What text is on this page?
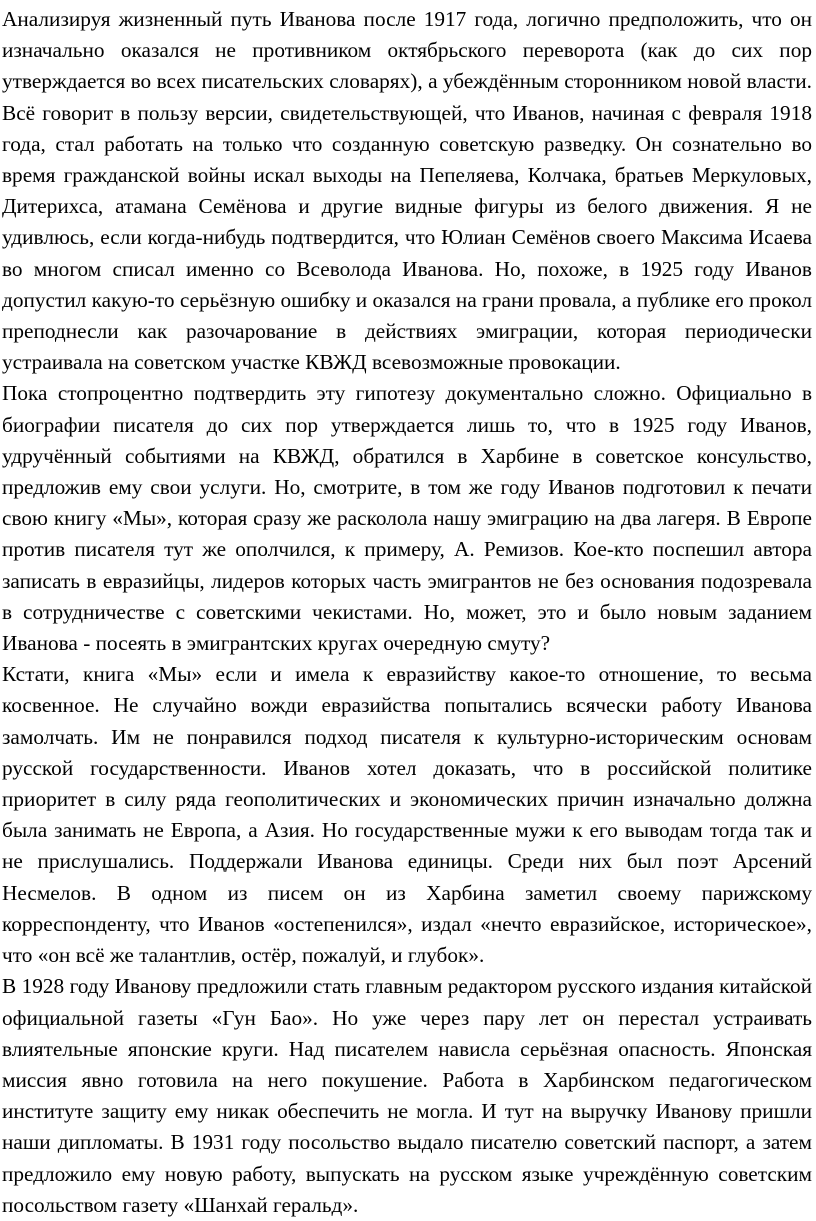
Анализируя жизненный путь Иванова после 1917 года, логично предположить, что он изначально оказался не противником октябрьского переворота (как до сих пор утверждается во всех писательских словарях), а убеждённым сторонником новой власти. Всё говорит в пользу версии, свидетельствующей, что Иванов, начиная с февраля 1918 года, стал работать на только что созданную советскую разведку. Он сознательно во время гражданской войны искал выходы на Пепеляева, Колчака, братьев Меркуловых, Дитерихса, атамана Семёнова и другие видные фигуры из белого движения. Я не удивлюсь, если когда-нибудь подтвердится, что Юлиан Семёнов своего Максима Исаева во многом списал именно со Всеволода Иванова. Но, похоже, в 1925 году Иванов допустил какую-то серьёзную ошибку и оказался на грани провала, а публике его прокол преподнесли как разочарование в действиях эмиграции, которая периодически устраивала на советском участке КВЖД всевозможные провокации.

Пока стопроцентно подтвердить эту гипотезу документально сложно. Официально в биографии писателя до сих пор утверждается лишь то, что в 1925 году Иванов, удручённый событиями на КВЖД, обратился в Харбине в советское консульство, предложив ему свои услуги. Но, смотрите, в том же году Иванов подготовил к печати свою книгу «Мы», которая сразу же расколола нашу эмиграцию на два лагеря. В Европе против писателя тут же ополчился, к примеру, А. Ремизов. Кое-кто поспешил автора записать в евразийцы, лидеров которых часть эмигрантов не без основания подозревала в сотрудничестве с советскими чекистами. Но, может, это и было новым заданием Иванова - посеять в эмигрантских кругах очередную смуту?

Кстати, книга «Мы» если и имела к евразийству какое-то отношение, то весьма косвенное. Не случайно вожди евразийства попытались всячески работу Иванова замолчать. Им не понравился подход писателя к культурно-историческим основам русской государственности. Иванов хотел доказать, что в российской политике приоритет в силу ряда геополитических и экономических причин изначально должна была занимать не Европа, а Азия. Но государственные мужи к его выводам тогда так и не прислушались. Поддержали Иванова единицы. Среди них был поэт Арсений Несмелов. В одном из писем он из Харбина заметил своему парижскому корреспонденту, что Иванов «остепенился», издал «нечто евразийское, историческое», что «он всё же талантлив, остёр, пожалуй, и глубок».

В 1928 году Иванову предложили стать главным редактором русского издания китайской официальной газеты «Гун Бао». Но уже через пару лет он перестал устраивать влиятельные японские круги. Над писателем нависла серьёзная опасность. Японская миссия явно готовила на него покушение. Работа в Харбинском педагогическом институте защиту ему никак обеспечить не могла. И тут на выручку Иванову пришли наши дипломаты. В 1931 году посольство выдало писателю советский паспорт, а затем предложило ему новую работу, выпускать на русском языке учреждённую советским посольством газету «Шанхай геральд».
